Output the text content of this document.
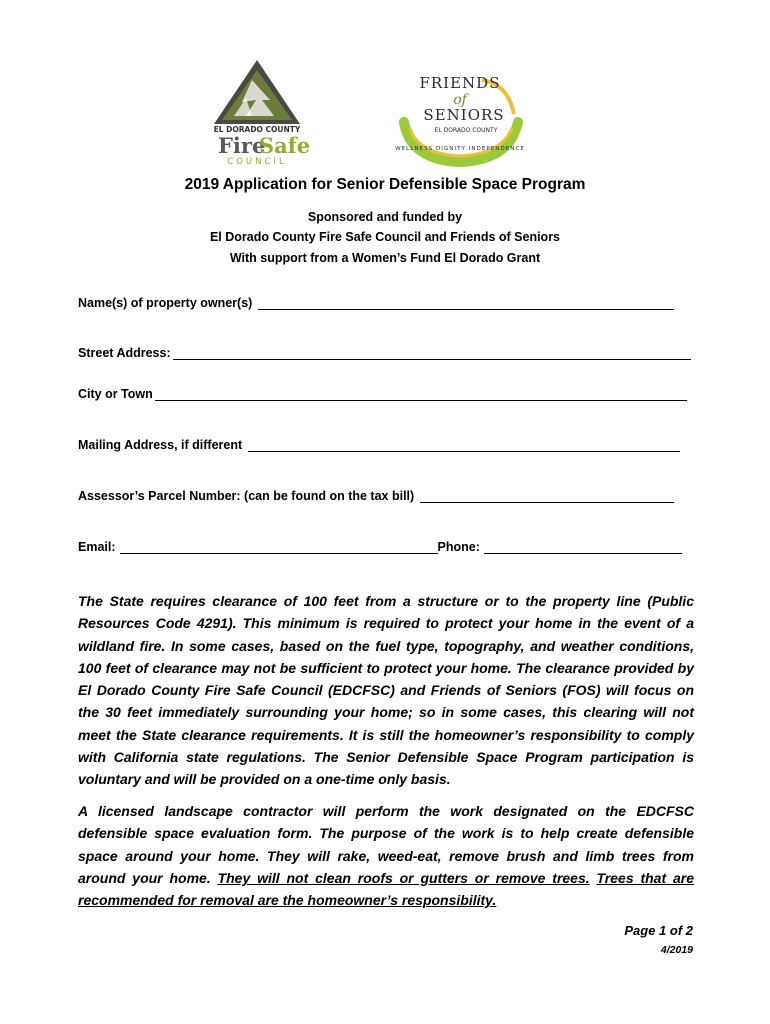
EL DORADO COUNTY
Fire
Safe
COUNCIL
FRIENDS
of
SENIORS
EL DORADO COUNTY
WELLNESS DIGNITY INDEPENDENCE
2019 Application for Senior Defensible Space Program
Sponsored and funded by
El Dorado County Fire Safe Council and Friends of Seniors
With support from a Women’s Fund El Dorado Grant
Name(s) of property owner(s)
Street Address:
City or Town
Mailing Address, if different
Assessor’s Parcel Number: (can be found on the tax bill)
Email:	Phone:

The State requires clearance of 100 feet from a structure or to the property line (Public Resources Code 4291). This minimum is required to protect your home in the event of a wildland fire. In some cases, based on the fuel type, topography, and weather conditions, 100 feet of clearance may not be sufficient to protect your home. The clearance provided by El Dorado County Fire Safe Council (EDCFSC) and Friends of Seniors (FOS) will focus on the 30 feet immediately surrounding your home; so in some cases, this clearing will not meet the State clearance requirements. It is still the homeowner’s responsibility to comply with California state regulations. The Senior Defensible Space Program participation is voluntary and will be provided on a one-time only basis.

A licensed landscape contractor will perform the work designated on the EDCFSC defensible space evaluation form. The purpose of the work is to help create defensible space around your home. They will rake, weed-eat, remove brush and limb trees from around your home. They will not clean roofs or gutters or remove trees. Trees that are recommended for removal are the homeowner’s responsibility.

Page 1 of 2
4/2019
